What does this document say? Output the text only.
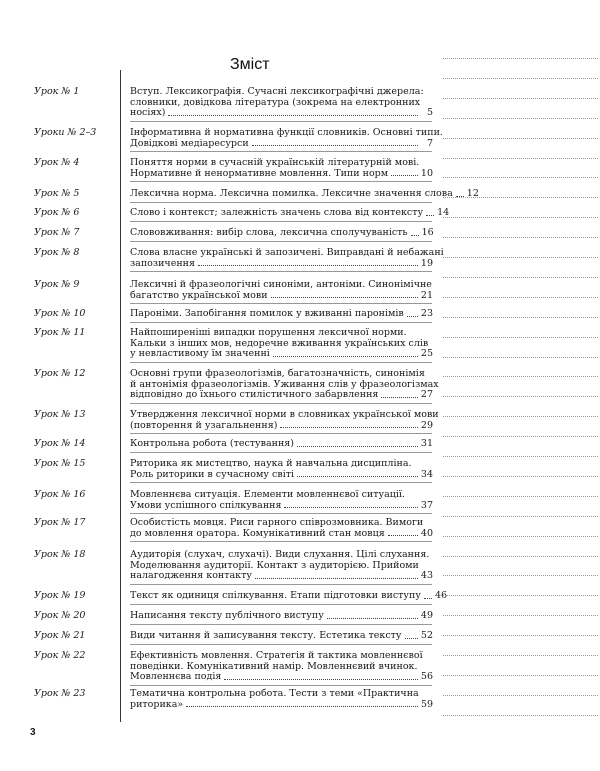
Зміст
Урок № 1	Вступ. Лексикографія. Сучасні лексикографічні джерела:
словники, довідкова література (зокрема на електронних
носіях)	5
Уроки № 2–3	Інформативна й нормативна функції словників. Основні типи.
Довідкові медіаресурси	7
Урок № 4	Поняття норми в сучасній українській літературній мові.
Нормативне й ненормативне мовлення. Типи норм	10
Урок № 5	Лексична норма. Лексична помилка. Лексичне значення слова 12
Урок № 6	Слово і контекст; залежність значень слова від контексту 14
Урок № 7	Слововживання: вибір слова, лексична сполучуваність 16
Урок № 8	Слова власне українські й запозичені. Виправдані й небажані
запозичення	19
Урок № 9	Лексичні й фразеологічні синоніми, антоніми. Синонімічне
багатство української мови	21
Урок № 10	Пароніми. Запобігання помилок у вживанні паронімів 23
Урок № 11	Найпоширеніші випадки порушення лексичної норми.
Кальки з інших мов, недоречне вживання українських слів
у невластивому їм значенні	25
Урок № 12	Основні групи фразеологізмів, багатозначність, синонімія
й антонімія фразеологізмів. Уживання слів у фразеологізмах
відповідно до їхнього стилістичного забарвлення	27
Урок № 13	Утвердження лексичної норми в словниках української мови
(повторення й узагальнення)	29
Урок № 14	Контрольна робота (тестування)	31
Урок № 15	Риторика як мистецтво, наука й навчальна дисципліна.
Роль риторики в сучасному світі	34
Урок № 16	Мовленнєва ситуація. Елементи мовленнєвої ситуації.
Умови успішного спілкування	37
Урок № 17	Особистість мовця. Риси гарного співрозмовника. Вимоги
до мовлення оратора. Комунікативний стан мовця	40
Урок № 18	Аудиторія (слухач, слухачі). Види слухання. Цілі слухання.
Моделювання аудиторії. Контакт з аудиторією. Прийоми
налагодження контакту	43
Урок № 19	Текст як одиниця спілкування. Етапи підготовки виступу 46
Урок № 20	Написання тексту публічного виступу	49
Урок № 21	Види читання й записування тексту. Естетика тексту 52
Урок № 22	Ефективність мовлення. Стратегія й тактика мовленнєвої
поведінки. Комунікативний намір. Мовленнєвий вчинок.
Мовленнєва подія	56
Урок № 23	Тематична контрольна робота. Тести з теми «Практична
риторика»	59
3
